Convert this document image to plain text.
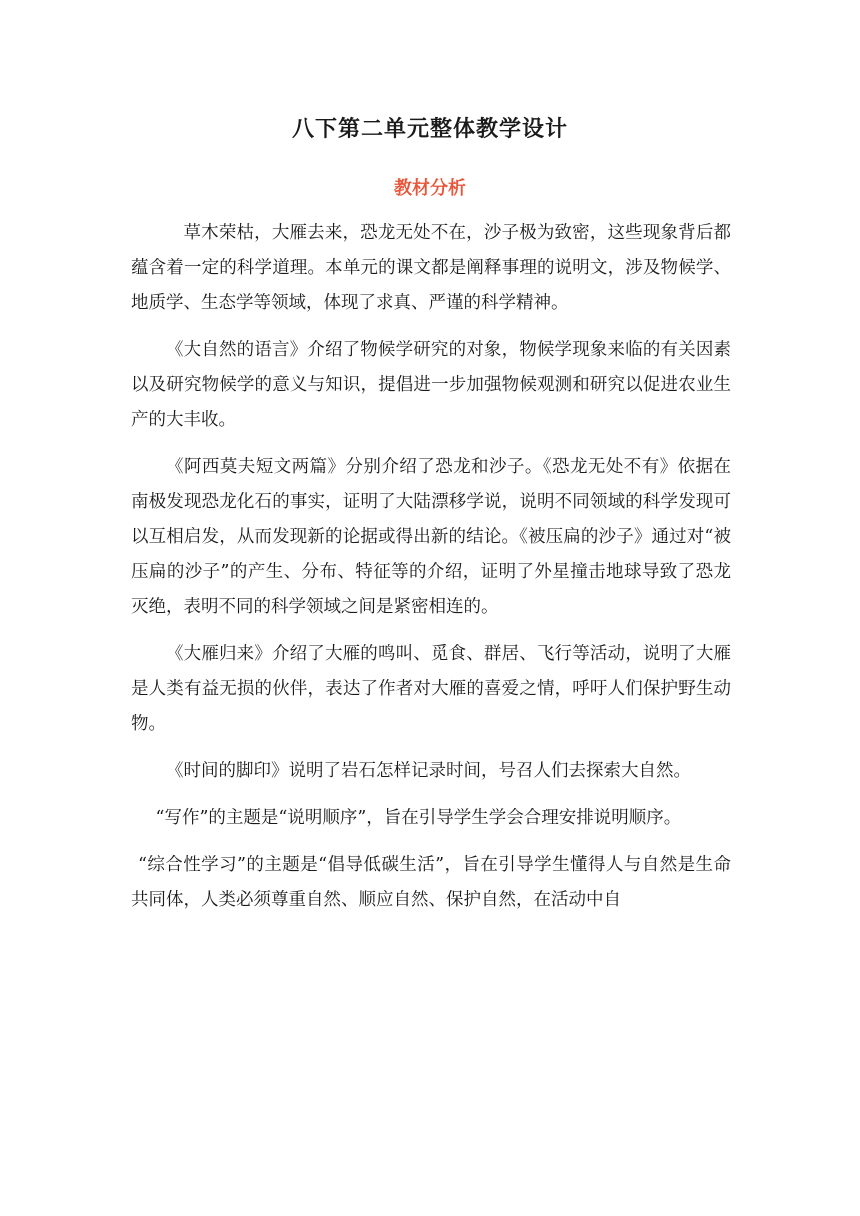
八下第二单元整体教学设计
教材分析

草木荣枯，大雁去来，恐龙无处不在，沙子极为致密，这些现象背后都蕴含着一定的科学道理。本单元的课文都是阐释事理的说明文，涉及物候学、地质学、生态学等领域，体现了求真、严谨的科学精神。

《大自然的语言》介绍了物候学研究的对象，物候学现象来临的有关因素以及研究物候学的意义与知识，提倡进一步加强物候观测和研究以促进农业生产的大丰收。

《阿西莫夫短文两篇》分别介绍了恐龙和沙子。《恐龙无处不有》依据在南极发现恐龙化石的事实，证明了大陆漂移学说，说明不同领域的科学发现可以互相启发，从而发现新的论据或得出新的结论。《被压扁的沙子》通过对“被压扁的沙子”的产生、分布、特征等的介绍，证明了外星撞击地球导致了恐龙灭绝，表明不同的科学领域之间是紧密相连的。

《大雁归来》介绍了大雁的鸣叫、觅食、群居、飞行等活动，说明了大雁是人类有益无损的伙伴，表达了作者对大雁的喜爱之情，呼吁人们保护野生动物。

《时间的脚印》说明了岩石怎样记录时间，号召人们去探索大自然。

“写作”的主题是“说明顺序”，旨在引导学生学会合理安排说明顺序。

“综合性学习”的主题是“倡导低碳生活”，旨在引导学生懂得人与自然是生命共同体，人类必须尊重自然、顺应自然、保护自然，在活动中自
